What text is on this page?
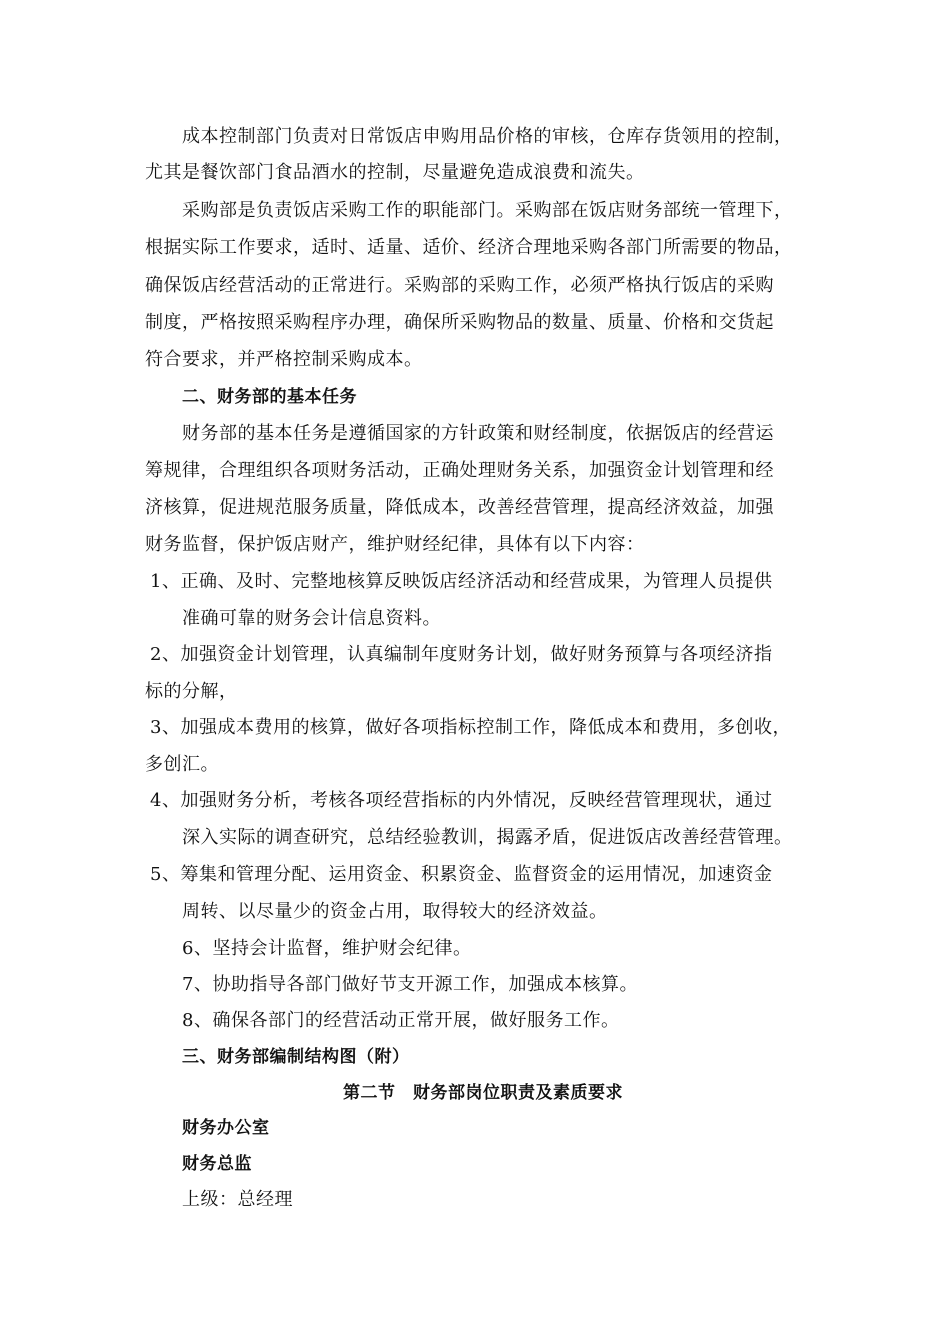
成本控制部门负责对日常饭店申购用品价格的审核，仓库存货领用的控制，
尤其是餐饮部门食品酒水的控制，尽量避免造成浪费和流失。
采购部是负责饭店采购工作的职能部门。采购部在饭店财务部统一管理下，
根据实际工作要求，适时、适量、适价、经济合理地采购各部门所需要的物品，
确保饭店经营活动的正常进行。采购部的采购工作，必须严格执行饭店的采购
制度，严格按照采购程序办理，确保所采购物品的数量、质量、价格和交货起
符合要求，并严格控制采购成本。
二、财务部的基本任务
财务部的基本任务是遵循国家的方针政策和财经制度，依据饭店的经营运
筹规律，合理组织各项财务活动，正确处理财务关系，加强资金计划管理和经
济核算，促进规范服务质量，降低成本，改善经营管理，提高经济效益，加强
财务监督，保护饭店财产，维护财经纪律，具体有以下内容：
1、正确、及时、完整地核算反映饭店经济活动和经营成果，为管理人员提供
准确可靠的财务会计信息资料。
2、加强资金计划管理，认真编制年度财务计划，做好财务预算与各项经济指
标的分解，
3、加强成本费用的核算，做好各项指标控制工作，降低成本和费用，多创收，
多创汇。
4、加强财务分析，考核各项经营指标的内外情况，反映经营管理现状，通过
深入实际的调查研究，总结经验教训，揭露矛盾，促进饭店改善经营管理。
5、筹集和管理分配、运用资金、积累资金、监督资金的运用情况，加速资金
周转、以尽量少的资金占用，取得较大的经济效益。
6、坚持会计监督，维护财会纪律。
7、协助指导各部门做好节支开源工作，加强成本核算。
8、确保各部门的经营活动正常开展，做好服务工作。
三、财务部编制结构图（附）
第二节　财务部岗位职责及素质要求
财务办公室
财务总监
上级：总经理
